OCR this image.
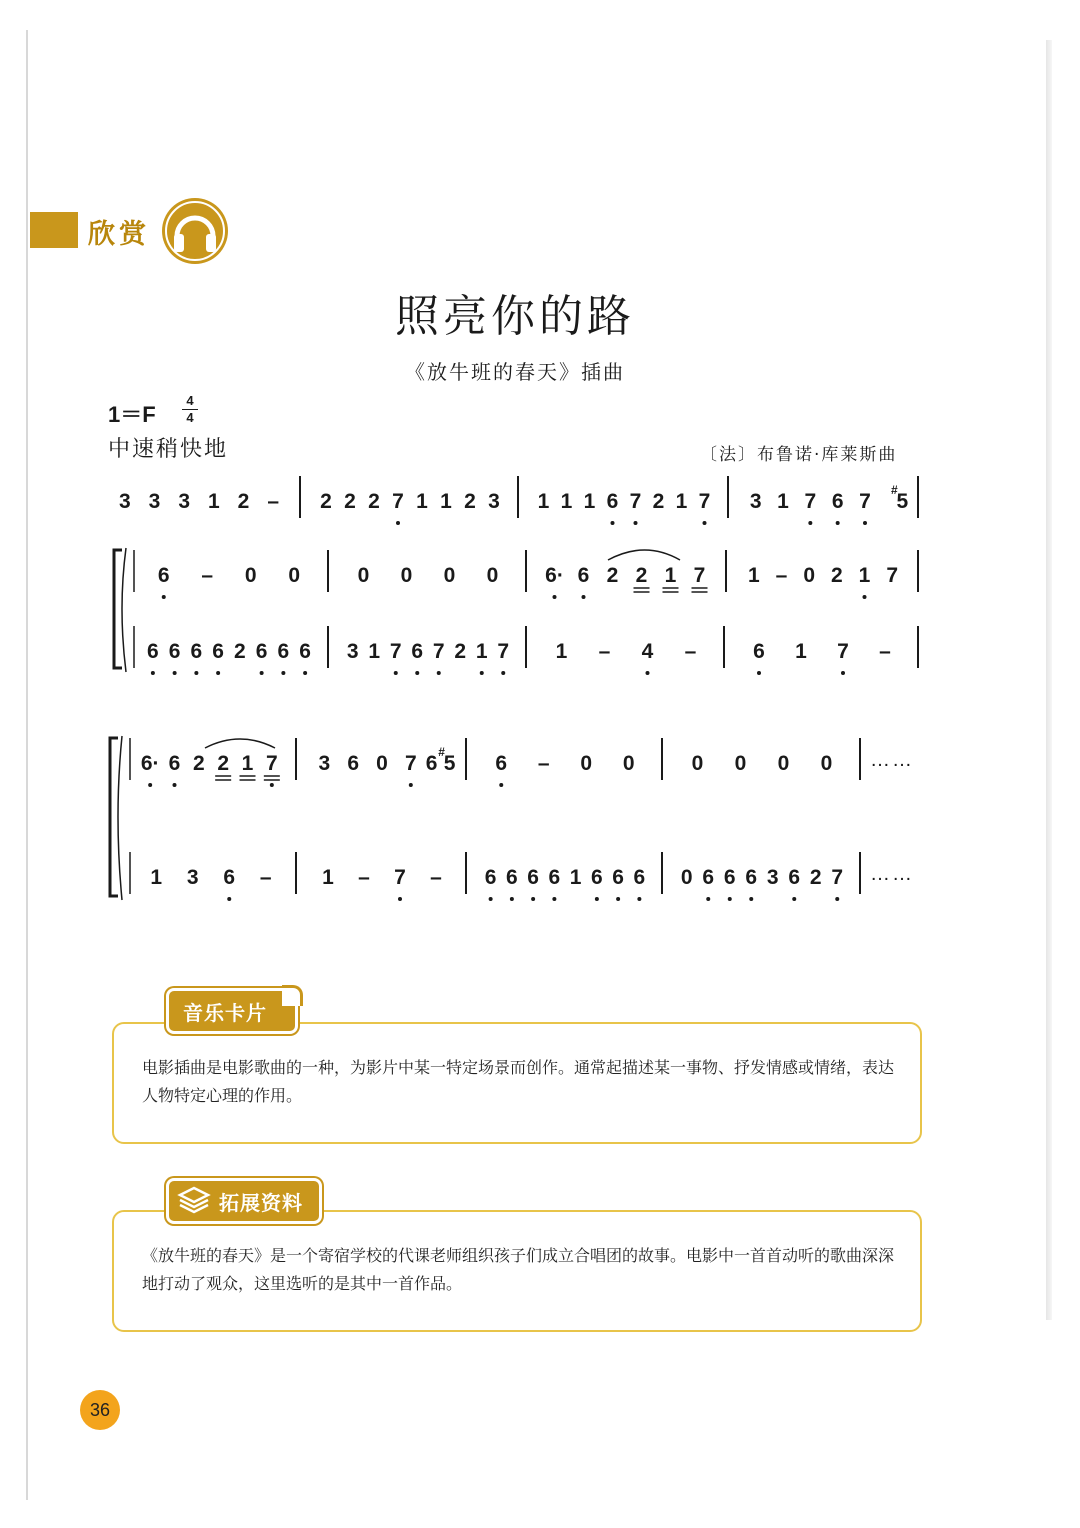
欣赏
照亮你的路
《放牛班的春天》插曲
1＝F
4
4
中速稍快地	〔法〕布鲁诺·库莱斯曲
3 3 3 1 2 – 2 2 2 7 1 1 2 3 1 1 1 6 7 2 1 7 3 1 7 6 7 #
5
6 – 0 0	0 0 0 0 6· 6 2 2 1 7 1 – 0 2 1 7
6 6 6 6 2 6 6 6 3 1 7 6 7 2 1 7 1 – 4 –	6 1 7 –
6· 6 2 2 1 7 3 6 0 7 6 #
5 6 – 0 0	0 0 0 0 ……
1 3 6 – 1 – 7 – 6 6 6 6 1 6 6 6 0 6 6 6 3 6 2 7 ……
电影插曲是电影歌曲的一种，为影片中某一特定场景而创作。通常起描述某一事物、抒发情感或情绪，表达人物特定心理的作用。
音乐卡片
《放牛班的春天》是一个寄宿学校的代课老师组织孩子们成立合唱团的故事。电影中一首首动听的歌曲深深地打动了观众，这里选听的是其中一首作品。
拓展资料
36
